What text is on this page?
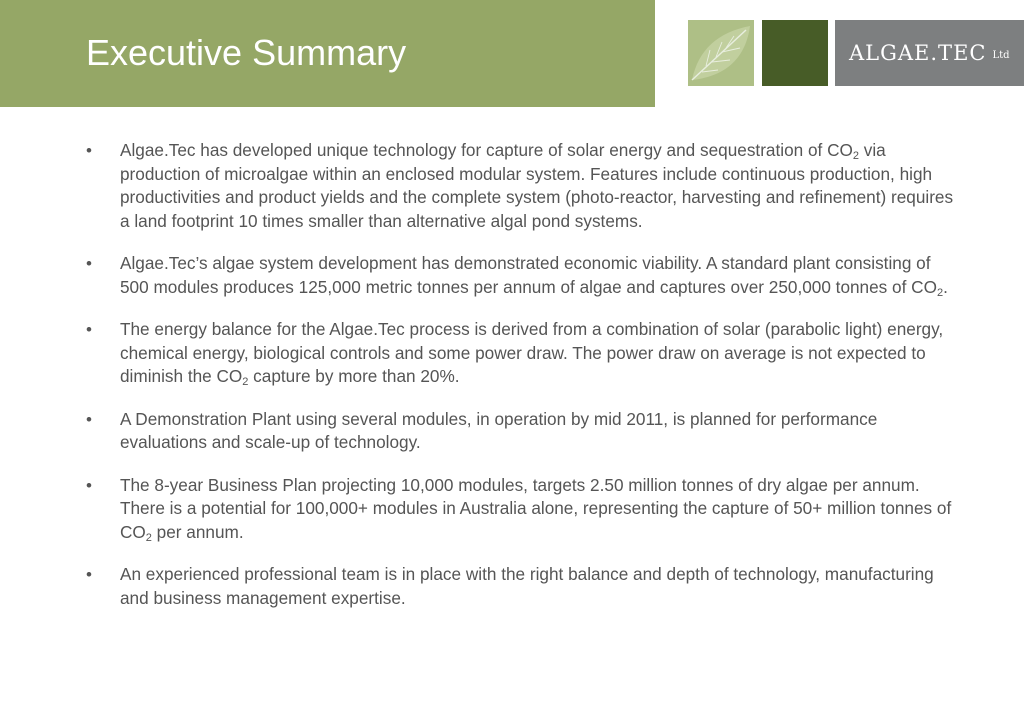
Executive Summary	ALGAE.TEC Ltd
• Algae.Tec has developed unique technology for capture of solar energy and sequestration of $CO_2$ via production of microalgae within an enclosed modular system. Features include continuous production, high productivities and product yields and the complete system (photo-reactor, harvesting and refinement) requires a land footprint 10 times smaller than alternative algal pond systems.
• Algae.Tec’s algae system development has demonstrated economic viability. A standard plant consisting of 500 modules produces 125,000 metric tonnes per annum of algae and captures over 250,000 tonnes of $CO_2$.
• The energy balance for the Algae.Tec process is derived from a combination of solar (parabolic light) energy, chemical energy, biological controls and some power draw. The power draw on average is not expected to diminish the $CO_2$ capture by more than 20%.
• A Demonstration Plant using several modules, in operation by mid 2011, is planned for performance evaluations and scale-up of technology.
• The 8-year Business Plan projecting 10,000 modules, targets 2.50 million tonnes of dry algae per annum. There is a potential for 100,000+ modules in Australia alone, representing the capture of 50+ million tonnes of $CO_2$ per annum.
• An experienced professional team is in place with the right balance and depth of technology, manufacturing and business management expertise.
